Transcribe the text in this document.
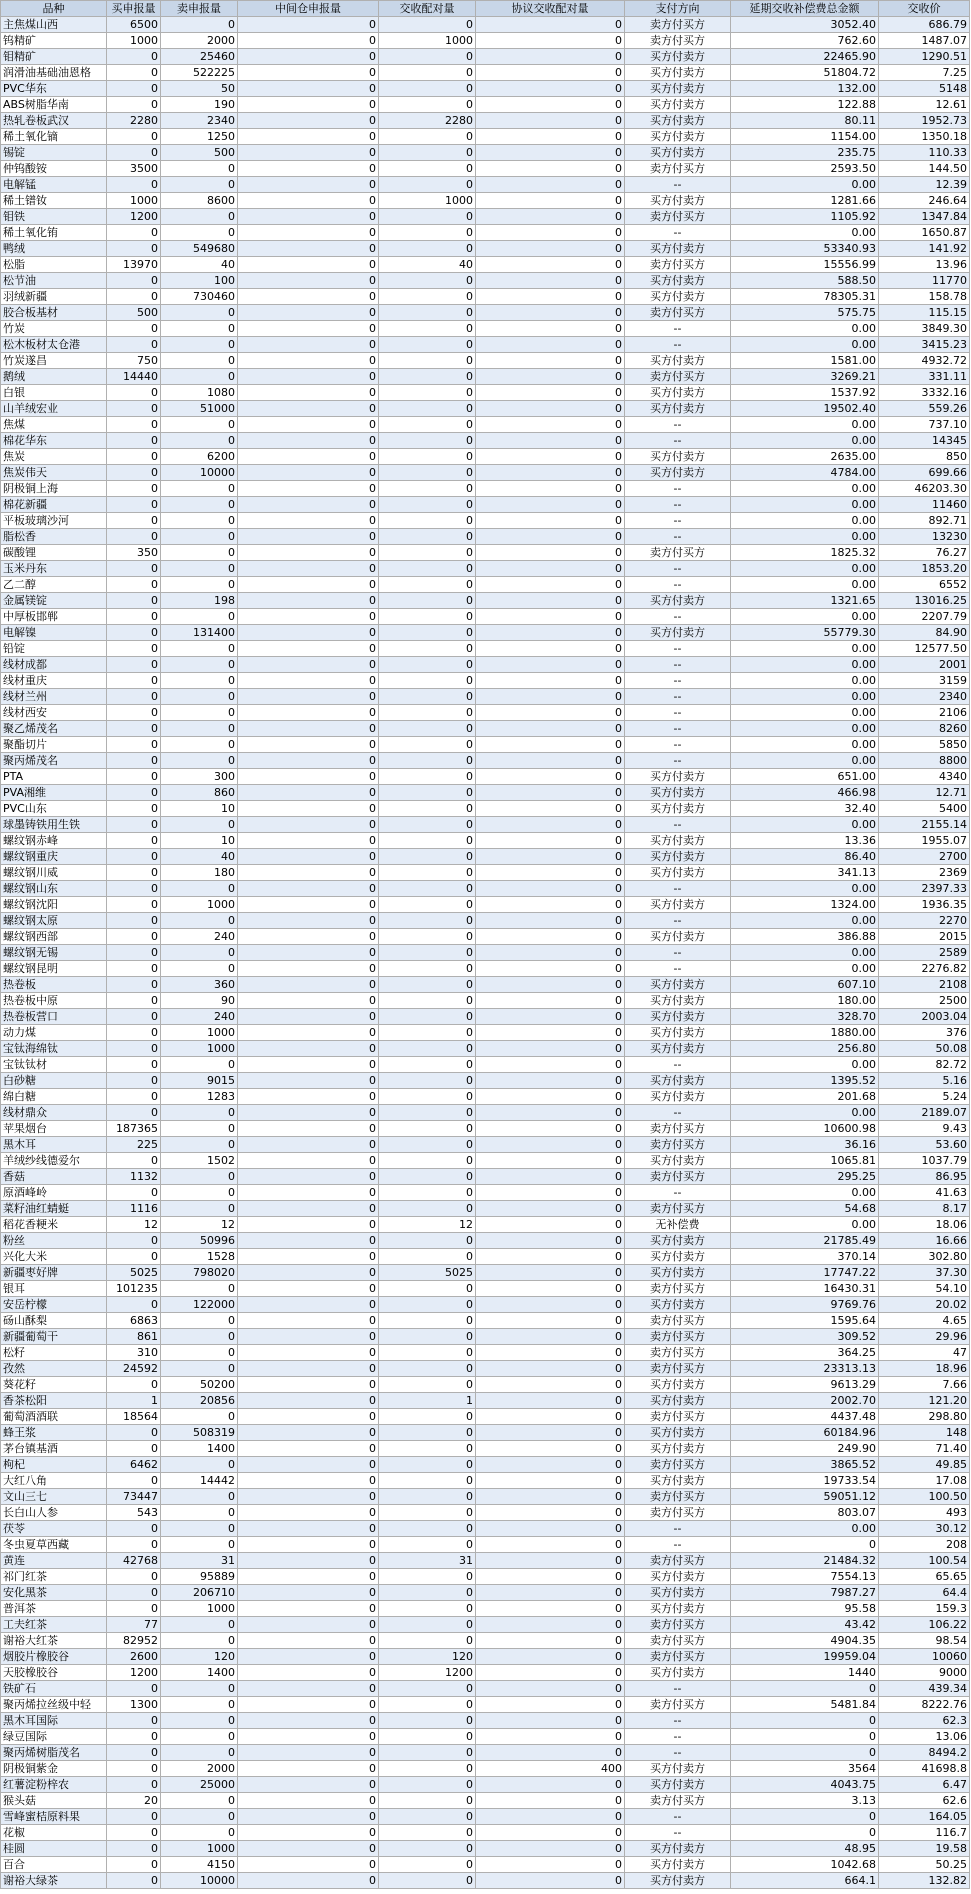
品种	买申报量	卖申报量	中间仓申报量	交收配对量	协议交收配对量	支付方向	延期交收补偿费总金额	交收价
主焦煤山西	6500	0	0	0	0	卖方付买方	3052.40	686.79
钨精矿	1000	2000	0	1000	0	卖方付买方	762.60	1487.07
钼精矿	0	25460	0	0	0	买方付卖方	22465.90	1290.51
润滑油基础油恩格	0	522225	0	0	0	买方付卖方	51804.72	7.25
PVC华东	0	50	0	0	0	买方付卖方	132.00	5148
ABS树脂华南	0	190	0	0	0	买方付卖方	122.88	12.61
热轧卷板武汉	2280	2340	0	2280	0	买方付卖方	80.11	1952.73
稀土氧化镝	0	1250	0	0	0	买方付卖方	1154.00	1350.18
锡锭	0	500	0	0	0	买方付卖方	235.75	110.33
仲钨酸铵	3500	0	0	0	0	卖方付买方	2593.50	144.50
电解锰	0	0	0	0	0	--	0.00	12.39
稀土镨钕	1000	8600	0	1000	0	买方付卖方	1281.66	246.64
钼铁	1200	0	0	0	0	卖方付买方	1105.92	1347.84
稀土氧化铕	0	0	0	0	0	--	0.00	1650.87
鸭绒	0	549680	0	0	0	买方付卖方	53340.93	141.92
松脂	13970	40	0	40	0	卖方付买方	15556.99	13.96
松节油	0	100	0	0	0	买方付卖方	588.50	11770
羽绒新疆	0	730460	0	0	0	买方付卖方	78305.31	158.78
胶合板基材	500	0	0	0	0	卖方付买方	575.75	115.15
竹炭	0	0	0	0	0	--	0.00	3849.30
松木板材太仓港	0	0	0	0	0	--	0.00	3415.23
竹炭遂昌	750	0	0	0	0	买方付卖方	1581.00	4932.72
鹅绒	14440	0	0	0	0	卖方付买方	3269.21	331.11
白银	0	1080	0	0	0	买方付卖方	1537.92	3332.16
山羊绒宏业	0	51000	0	0	0	买方付卖方	19502.40	559.26
焦煤	0	0	0	0	0	--	0.00	737.10
棉花华东	0	0	0	0	0	--	0.00	14345
焦炭	0	6200	0	0	0	买方付卖方	2635.00	850
焦炭伟天	0	10000	0	0	0	买方付卖方	4784.00	699.66
阴极铜上海	0	0	0	0	0	--	0.00	46203.30
棉花新疆	0	0	0	0	0	--	0.00	11460
平板玻璃沙河	0	0	0	0	0	--	0.00	892.71
脂松香	0	0	0	0	0	--	0.00	13230
碳酸锂	350	0	0	0	0	卖方付买方	1825.32	76.27
玉米丹东	0	0	0	0	0	--	0.00	1853.20
乙二醇	0	0	0	0	0	--	0.00	6552
金属镁锭	0	198	0	0	0	买方付卖方	1321.65	13016.25
中厚板邯郸	0	0	0	0	0	--	0.00	2207.79
电解镍	0	131400	0	0	0	买方付卖方	55779.30	84.90
铅锭	0	0	0	0	0	--	0.00	12577.50
线材成都	0	0	0	0	0	--	0.00	2001
线材重庆	0	0	0	0	0	--	0.00	3159
线材兰州	0	0	0	0	0	--	0.00	2340
线材西安	0	0	0	0	0	--	0.00	2106
聚乙烯茂名	0	0	0	0	0	--	0.00	8260
聚酯切片	0	0	0	0	0	--	0.00	5850
聚丙烯茂名	0	0	0	0	0	--	0.00	8800
PTA	0	300	0	0	0	买方付卖方	651.00	4340
PVA湘维	0	860	0	0	0	买方付卖方	466.98	12.71
PVC山东	0	10	0	0	0	买方付卖方	32.40	5400
球墨铸铁用生铁	0	0	0	0	0	--	0.00	2155.14
螺纹钢赤峰	0	10	0	0	0	买方付卖方	13.36	1955.07
螺纹钢重庆	0	40	0	0	0	买方付卖方	86.40	2700
螺纹钢川威	0	180	0	0	0	买方付卖方	341.13	2369
螺纹钢山东	0	0	0	0	0	--	0.00	2397.33
螺纹钢沈阳	0	1000	0	0	0	买方付卖方	1324.00	1936.35
螺纹钢太原	0	0	0	0	0	--	0.00	2270
螺纹钢西部	0	240	0	0	0	买方付卖方	386.88	2015
螺纹钢无锡	0	0	0	0	0	--	0.00	2589
螺纹钢昆明	0	0	0	0	0	--	0.00	2276.82
热卷板	0	360	0	0	0	买方付卖方	607.10	2108
热卷板中原	0	90	0	0	0	买方付卖方	180.00	2500
热卷板营口	0	240	0	0	0	买方付卖方	328.70	2003.04
动力煤	0	1000	0	0	0	买方付卖方	1880.00	376
宝钛海绵钛	0	1000	0	0	0	买方付卖方	256.80	50.08
宝钛钛材	0	0	0	0	0	--	0.00	82.72
白砂糖	0	9015	0	0	0	买方付卖方	1395.52	5.16
绵白糖	0	1283	0	0	0	买方付卖方	201.68	5.24
线材鼎众	0	0	0	0	0	--	0.00	2189.07
苹果烟台	187365	0	0	0	0	卖方付买方	10600.98	9.43
黑木耳	225	0	0	0	0	卖方付买方	36.16	53.60
羊绒纱线德爱尔	0	1502	0	0	0	买方付卖方	1065.81	1037.79
香菇	1132	0	0	0	0	卖方付买方	295.25	86.95
原酒峰岭	0	0	0	0	0	--	0.00	41.63
菜籽油红蜻蜓	1116	0	0	0	0	卖方付买方	54.68	8.17
稻花香粳米	12	12	0	12	0	无补偿费	0.00	18.06
粉丝	0	50996	0	0	0	买方付卖方	21785.49	16.66
兴化大米	0	1528	0	0	0	买方付卖方	370.14	302.80
新疆枣好牌	5025	798020	0	5025	0	买方付卖方	17747.22	37.30
银耳	101235	0	0	0	0	卖方付买方	16430.31	54.10
安岳柠檬	0	122000	0	0	0	买方付卖方	9769.76	20.02
砀山酥梨	6863	0	0	0	0	卖方付买方	1595.64	4.65
新疆葡萄干	861	0	0	0	0	卖方付买方	309.52	29.96
松籽	310	0	0	0	0	卖方付买方	364.25	47
孜然	24592	0	0	0	0	卖方付买方	23313.13	18.96
葵花籽	0	50200	0	0	0	买方付卖方	9613.29	7.66
香茶松阳	1	20856	0	1	0	买方付卖方	2002.70	121.20
葡萄酒酒联	18564	0	0	0	0	卖方付买方	4437.48	298.80
蜂王浆	0	508319	0	0	0	买方付卖方	60184.96	148
茅台镇基酒	0	1400	0	0	0	买方付卖方	249.90	71.40
枸杞	6462	0	0	0	0	卖方付买方	3865.52	49.85
大红八角	0	14442	0	0	0	买方付卖方	19733.54	17.08
文山三七	73447	0	0	0	0	卖方付买方	59051.12	100.50
长白山人参	543	0	0	0	0	卖方付买方	803.07	493
茯苓	0	0	0	0	0	--	0.00	30.12
冬虫夏草西藏	0	0	0	0	0	--	0	208
黄连	42768	31	0	31	0	卖方付买方	21484.32	100.54
祁门红茶	0	95889	0	0	0	买方付卖方	7554.13	65.65
安化黑茶	0	206710	0	0	0	买方付卖方	7987.27	64.4
普洱茶	0	1000	0	0	0	买方付卖方	95.58	159.3
工夫红茶	77	0	0	0	0	卖方付买方	43.42	106.22
谢裕大红茶	82952	0	0	0	0	卖方付买方	4904.35	98.54
烟胶片橡胶谷	2600	120	0	120	0	卖方付买方	19959.04	10060
天胶橡胶谷	1200	1400	0	1200	0	买方付卖方	1440	9000
铁矿石	0	0	0	0	0	--	0	439.34
聚丙烯拉丝级中轻	1300	0	0	0	0	卖方付买方	5481.84	8222.76
黑木耳国际	0	0	0	0	0	--	0	62.3
绿豆国际	0	0	0	0	0	--	0	13.06
聚丙烯树脂茂名	0	0	0	0	0	--	0	8494.2
阴极铜紫金	0	2000	0	0	400	买方付卖方	3564	41698.8
红薯淀粉梓农	0	25000	0	0	0	买方付卖方	4043.75	6.47
猴头菇	20	0	0	0	0	卖方付买方	3.13	62.6
雪峰蜜桔原料果	0	0	0	0	0	--	0	164.05
花椒	0	0	0	0	0	--	0	116.7
桂圆	0	1000	0	0	0	买方付卖方	48.95	19.58
百合	0	4150	0	0	0	买方付卖方	1042.68	50.25
谢裕大绿茶	0	10000	0	0	0	买方付卖方	664.1	132.82
